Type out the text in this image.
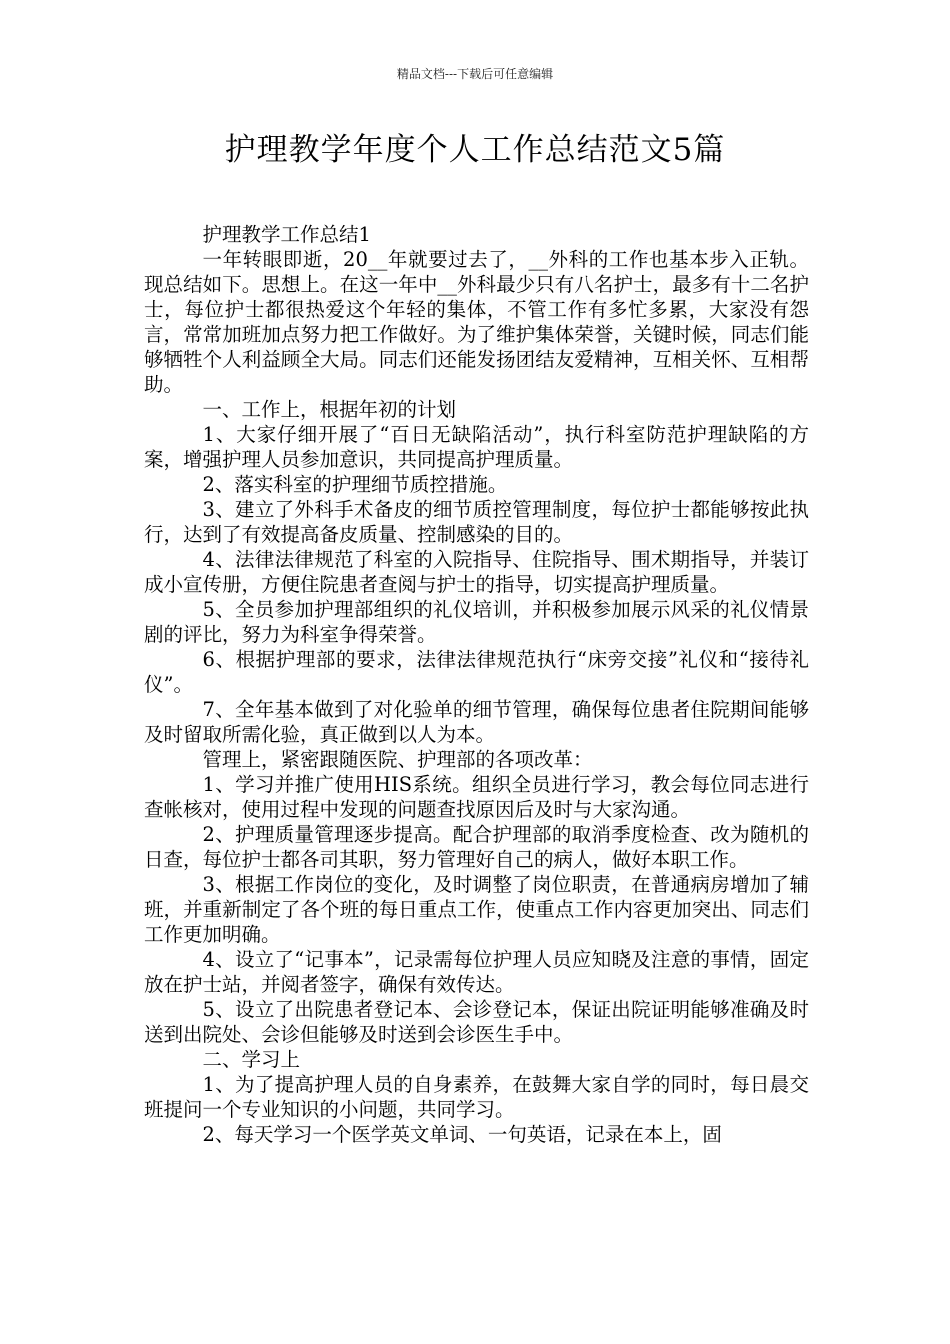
精品文档---下载后可任意编辑
护理教学年度个人工作总结范文5篇

护理教学工作总结1

一年转眼即逝，20__年就要过去了，__外科的工作也基本步入正轨。现总结如下。思想上。在这一年中__外科最少只有八名护士，最多有十二名护士，每位护士都很热爱这个年轻的集体，不管工作有多忙多累，大家没有怨言，常常加班加点努力把工作做好。为了维护集体荣誉，关键时候，同志们能够牺牲个人利益顾全大局。同志们还能发扬团结友爱精神，互相关怀、互相帮助。

一、工作上，根据年初的计划

1、大家仔细开展了“百日无缺陷活动”，执行科室防范护理缺陷的方案，增强护理人员参加意识，共同提高护理质量。

2、落实科室的护理细节质控措施。

3、建立了外科手术备皮的细节质控管理制度，每位护士都能够按此执行，达到了有效提高备皮质量、控制感染的目的。

4、法律法律规范了科室的入院指导、住院指导、围术期指导，并装订成小宣传册，方便住院患者查阅与护士的指导，切实提高护理质量。

5、全员参加护理部组织的礼仪培训，并积极参加展示风采的礼仪情景剧的评比，努力为科室争得荣誉。

6、根据护理部的要求，法律法律规范执行“床旁交接”礼仪和“接待礼仪”。

7、全年基本做到了对化验单的细节管理，确保每位患者住院期间能够及时留取所需化验，真正做到以人为本。

管理上，紧密跟随医院、护理部的各项改革：

1、学习并推广使用HIS系统。组织全员进行学习，教会每位同志进行查帐核对，使用过程中发现的问题查找原因后及时与大家沟通。

2、护理质量管理逐步提高。配合护理部的取消季度检查、改为随机的日查，每位护士都各司其职，努力管理好自己的病人，做好本职工作。

3、根据工作岗位的变化，及时调整了岗位职责，在普通病房增加了辅班，并重新制定了各个班的每日重点工作，使重点工作内容更加突出、同志们工作更加明确。

4、设立了“记事本”，记录需每位护理人员应知晓及注意的事情，固定放在护士站，并阅者签字，确保有效传达。

5、设立了出院患者登记本、会诊登记本，保证出院证明能够准确及时送到出院处、会诊但能够及时送到会诊医生手中。

二、学习上

1、为了提高护理人员的自身素养，在鼓舞大家自学的同时，每日晨交班提问一个专业知识的小问题，共同学习。

2、每天学习一个医学英文单词、一句英语，记录在本上，固
